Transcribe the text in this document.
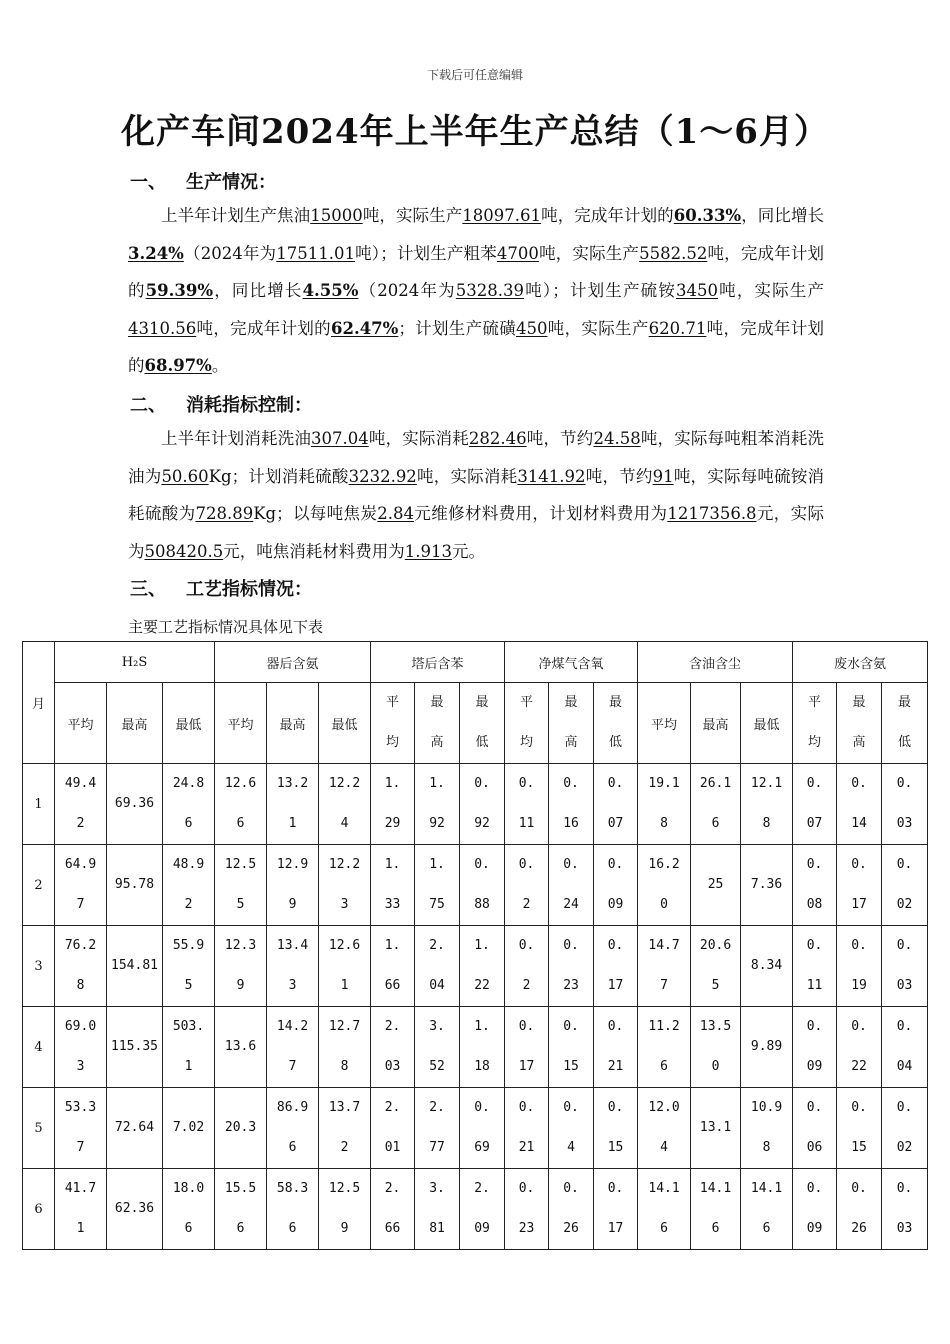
下载后可任意编辑
化产车间2024年上半年生产总结（1～6月）
一、 生产情况：
上半年计划生产焦油15000吨，实际生产18097.61吨，完成年计划的60.33%，同比增长3.24%（2024年为17511.01吨）；计划生产粗苯4700吨，实际生产5582.52吨，完成年计划的59.39%，同比增长4.55%（2024年为5328.39吨）；计划生产硫铵3450吨，实际生产4310.56吨，完成年计划的62.47%；计划生产硫磺450吨，实际生产620.71吨，完成年计划的68.97%。
二、 消耗指标控制：
上半年计划消耗洗油307.04吨，实际消耗282.46吨，节约24.58吨，实际每吨粗苯消耗洗油为50.60Kg；计划消耗硫酸3232.92吨，实际消耗3141.92吨，节约91吨，实际每吨硫铵消耗硫酸为728.89Kg；以每吨焦炭2.84元维修材料费用，计划材料费用为1217356.8元，实际为508420.5元，吨焦消耗材料费用为1.913元。
三、 工艺指标情况：
主要工艺指标情况具体见下表
月	H₂S			器后含氨			塔后含苯			净煤气含氧			含油含尘			废水含氨		
	平均	最高	最低	平均	最高	最低	平均	最高	最低	平均	最高	最低	平均	最高	最低	平均	最高	最低
1	49.42	69.36	24.86	12.66	13.21	12.24	1.29	1.92	0.92	0.11	0.16	0.07	19.18	26.16	12.18	0.07	0.14	0.03
2	64.97	95.78	48.92	12.55	12.99	12.23	1.33	1.75	0.88	0.2	0.24	0.09	16.20	25	7.36	0.08	0.17	0.02
3	76.28	154.81	55.95	12.39	13.43	12.61	1.66	2.04	1.22	0.2	0.23	0.17	14.77	20.65	8.34	0.11	0.19	0.03
4	69.03	115.35	503.1	13.6	14.27	12.78	2.03	3.52	1.18	0.17	0.15	0.21	11.26	13.50	9.89	0.09	0.22	0.04
5	53.37	72.64	7.02	20.3	86.96	13.72	2.01	2.77	0.69	0.21	0.4	0.15	12.04	13.1	10.98	0.06	0.15	0.02
6	41.71	62.36	18.06	15.56	58.36	12.59	2.66	3.81	2.09	0.23	0.26	0.17	14.16	14.16	14.16	0.09	0.26	0.03
